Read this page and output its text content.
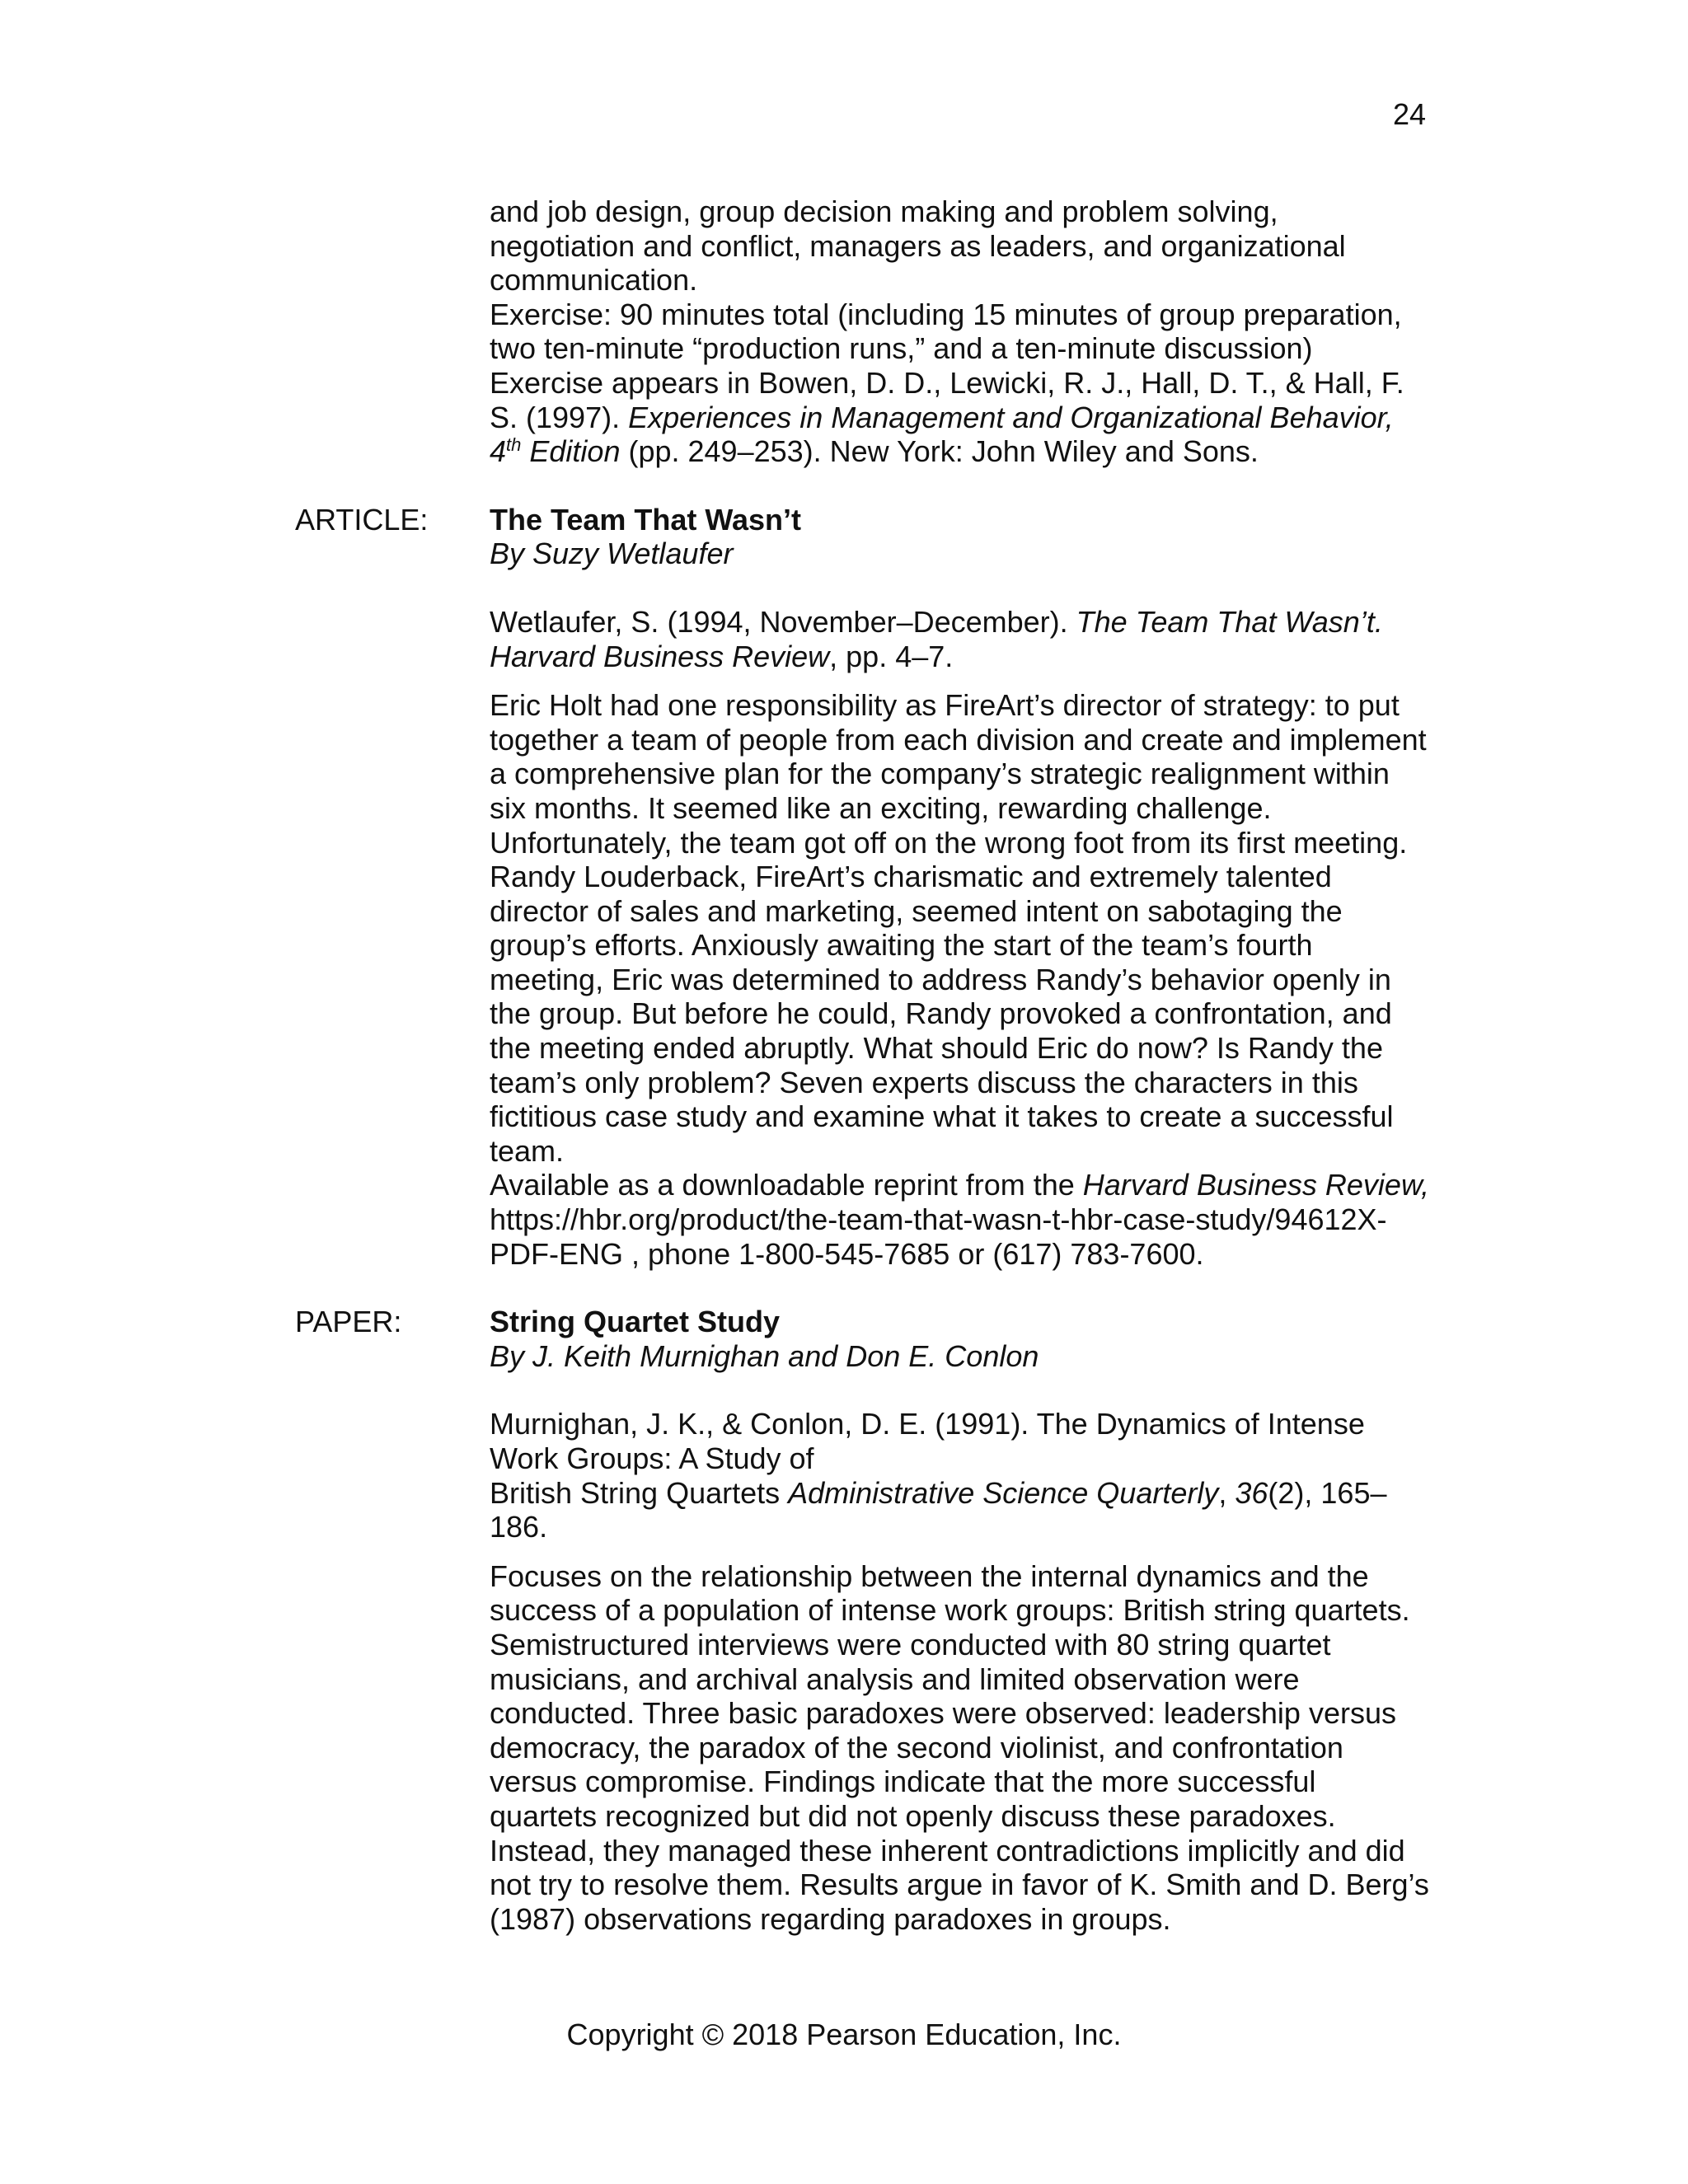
24

and job design, group decision making and problem solving, negotiation and conflict, managers as leaders, and organizational communication.

Exercise: 90 minutes total (including 15 minutes of group preparation, two ten-minute “production runs,” and a ten-minute discussion)

Exercise appears in Bowen, D. D., Lewicki, R. J., Hall, D. T., & Hall, F. S. (1997). Experiences in Management and Organizational Behavior, 4th Edition (pp. 249–253). New York: John Wiley and Sons.

ARTICLE: The Team That Wasn’t

By Suzy Wetlaufer

Wetlaufer, S. (1994, November–December). The Team That Wasn’t. Harvard Business Review, pp. 4–7.

Eric Holt had one responsibility as FireArt’s director of strategy: to put together a team of people from each division and create and implement a comprehensive plan for the company’s strategic realignment within six months. It seemed like an exciting, rewarding challenge. Unfortunately, the team got off on the wrong foot from its first meeting. Randy Louderback, FireArt’s charismatic and extremely talented director of sales and marketing, seemed intent on sabotaging the group’s efforts. Anxiously awaiting the start of the team’s fourth meeting, Eric was determined to address Randy’s behavior openly in the group. But before he could, Randy provoked a confrontation, and the meeting ended abruptly. What should Eric do now? Is Randy the team’s only problem? Seven experts discuss the characters in this fictitious case study and examine what it takes to create a successful team.

Available as a downloadable reprint from the Harvard Business Review, https://hbr.org/product/the-team-that-wasn-t-hbr-case-study/94612X-PDF-ENG , phone 1-800-545-7685 or (617) 783-7600.

PAPER:	String Quartet Study

By J. Keith Murnighan and Don E. Conlon

Murnighan, J. K., & Conlon, D. E. (1991). The Dynamics of Intense Work Groups: A Study of

British String Quartets Administrative Science Quarterly, 36(2), 165–186.

Focuses on the relationship between the internal dynamics and the success of a population of intense work groups: British string quartets. Semistructured interviews were conducted with 80 string quartet musicians, and archival analysis and limited observation were conducted. Three basic paradoxes were observed: leadership versus democracy, the paradox of the second violinist, and confrontation versus compromise. Findings indicate that the more successful quartets recognized but did not openly discuss these paradoxes. Instead, they managed these inherent contradictions implicitly and did not try to resolve them. Results argue in favor of K. Smith and D. Berg’s (1987) observations regarding paradoxes in groups.

Copyright © 2018 Pearson Education, Inc.
